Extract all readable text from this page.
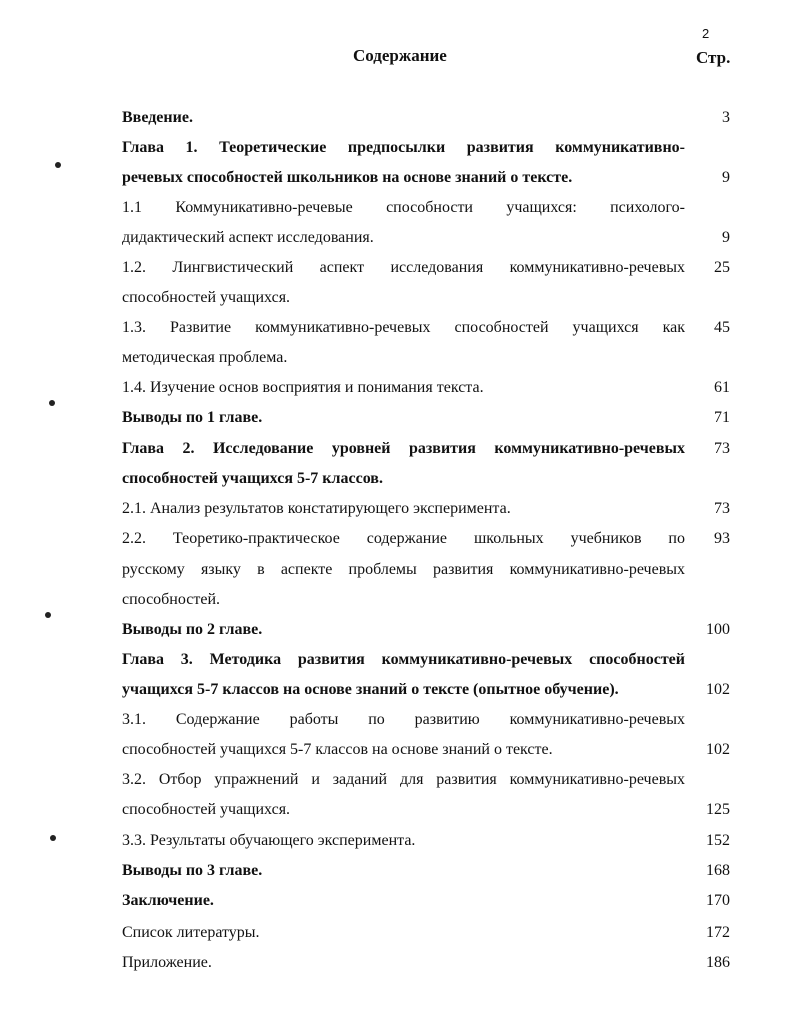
2
Содержание	Стр.
Введение.	3
Глава 1. Теоретические предпосылки развития коммуникативно-
речевых способностей школьников на основе знаний о тексте.	9
1.1 Коммуникативно-речевые способности учащихся: психолого-
дидактический аспект исследования.	9
1.2. Лингвистический аспект исследования коммуникативно-речевых	25
способностей учащихся.
1.3. Развитие коммуникативно-речевых способностей учащихся как	45
методическая проблема.
1.4. Изучение основ восприятия и понимания текста.	61
Выводы по 1 главе.	71
Глава 2. Исследование уровней развития коммуникативно-речевых	73
способностей учащихся 5-7 классов.
2.1. Анализ результатов констатирующего эксперимента.	73
2.2. Теоретико-практическое содержание школьных учебников по	93
русскому языку в аспекте проблемы развития коммуникативно-речевых
способностей.
Выводы по 2 главе.	100
Глава 3. Методика развития коммуникативно-речевых способностей
учащихся 5-7 классов на основе знаний о тексте (опытное обучение).	102
3.1. Содержание работы по развитию коммуникативно-речевых
способностей учащихся 5-7 классов на основе знаний о тексте.	102
3.2. Отбор упражнений и заданий для развития коммуникативно-речевых
способностей учащихся.	125
3.3. Результаты обучающего эксперимента.	152
Выводы по 3 главе.	168
Заключение.	170
Список литературы.	172
Приложение.	186
